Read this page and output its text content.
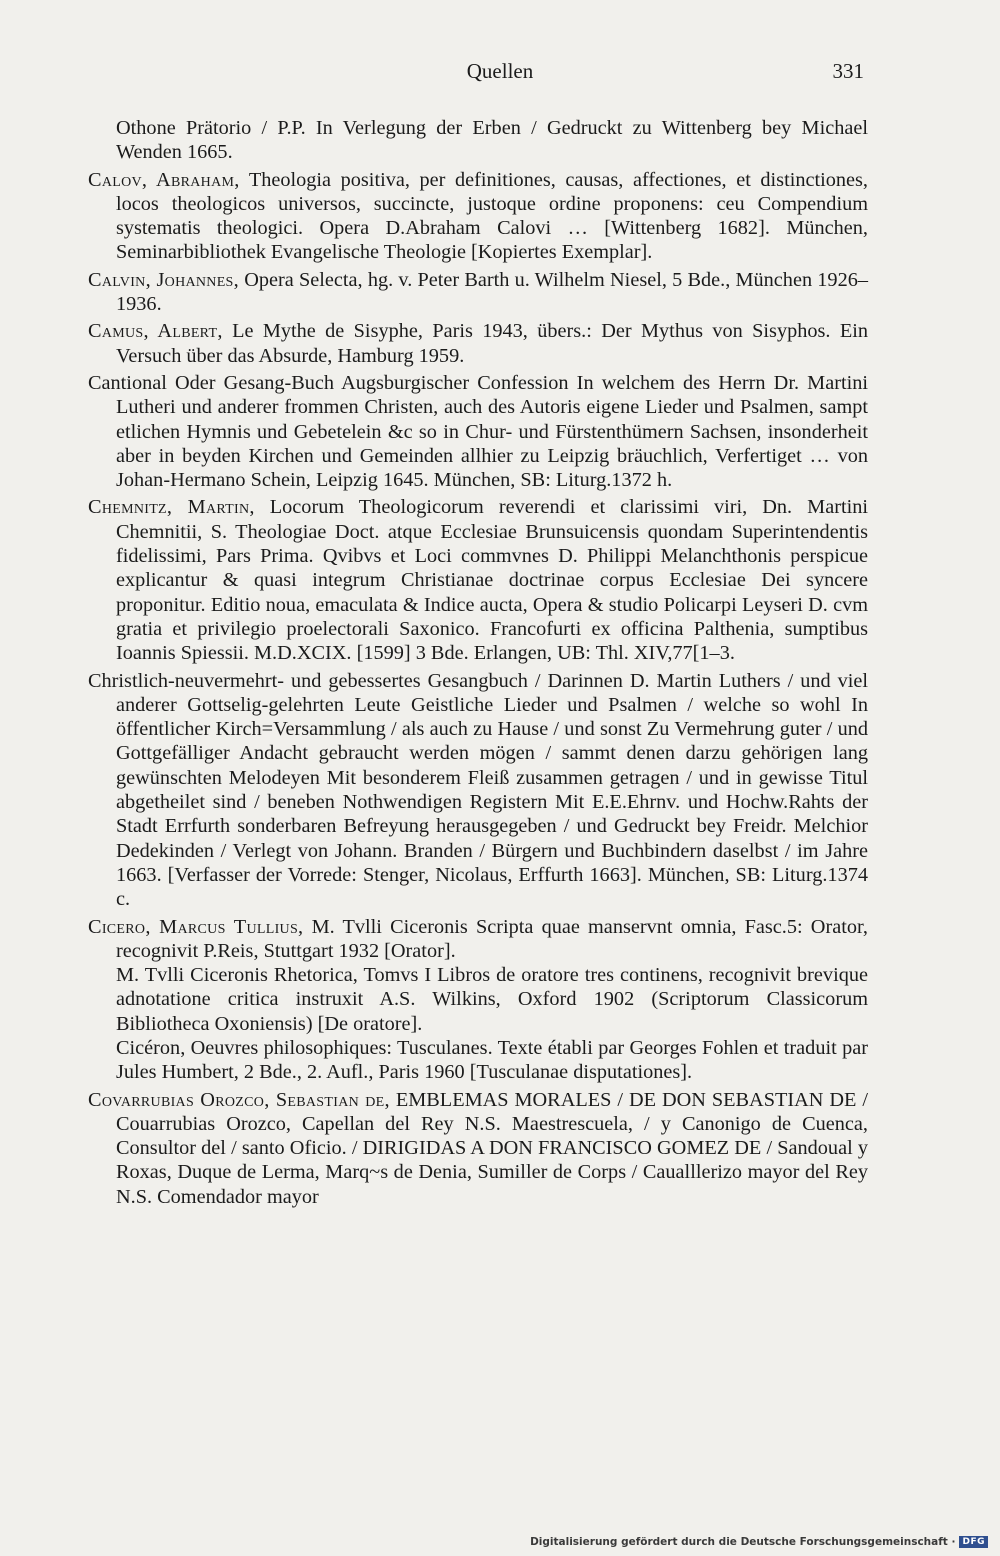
Quellen	331

Othone Prätorio / P.P. In Verlegung der Erben / Gedruckt zu Wittenberg bey Michael Wenden 1665.

Calov, Abraham, Theologia positiva, per definitiones, causas, affectiones, et distinctiones, locos theologicos universos, succincte, justoque ordine proponens: ceu Compendium systematis theologici. Opera D.Abraham Calovi … [Wittenberg 1682]. München, Seminarbibliothek Evangelische Theologie [Kopiertes Exemplar].

Calvin, Johannes, Opera Selecta, hg. v. Peter Barth u. Wilhelm Niesel, 5 Bde., München 1926–1936.

Camus, Albert, Le Mythe de Sisyphe, Paris 1943, übers.: Der Mythus von Sisyphos. Ein Versuch über das Absurde, Hamburg 1959.

Cantional Oder Gesang-Buch Augsburgischer Confession In welchem des Herrn Dr. Martini Lutheri und anderer frommen Christen, auch des Autoris eigene Lieder und Psalmen, sampt etlichen Hymnis und Gebetelein &c so in Chur- und Fürstenthümern Sachsen, insonderheit aber in beyden Kirchen und Gemeinden allhier zu Leipzig bräuchlich, Verfertiget … von Johan-Hermano Schein, Leipzig 1645. München, SB: Liturg.1372 h.

Chemnitz, Martin, Locorum Theologicorum reverendi et clarissimi viri, Dn. Martini Chemnitii, S. Theologiae Doct. atque Ecclesiae Brunsuicensis quondam Superintendentis fidelissimi, Pars Prima. Qvibvs et Loci commvnes D. Philippi Melanchthonis perspicue explicantur & quasi integrum Christianae doctrinae corpus Ecclesiae Dei syncere proponitur. Editio noua, emaculata & Indice aucta, Opera & studio Policarpi Leyseri D. cvm gratia et privilegio proelectorali Saxonico. Francofurti ex officina Palthenia, sumptibus Ioannis Spiessii. M.D.XCIX. [1599] 3 Bde. Erlangen, UB: Thl. XIV,77[1–3.

Christlich-neuvermehrt- und gebessertes Gesangbuch / Darinnen D. Martin Luthers / und viel anderer Gottselig-gelehrten Leute Geistliche Lieder und Psalmen / welche so wohl In öffentlicher Kirch=Versammlung / als auch zu Hause / und sonst Zu Vermehrung guter / und Gottgefälliger Andacht gebraucht werden mögen / sammt denen darzu gehörigen lang gewünschten Melodeyen Mit besonderem Fleiß zusammen getragen / und in gewisse Titul abgetheilet sind / beneben Nothwendigen Registern Mit E.E.Ehrnv. und Hochw.Rahts der Stadt Errfurth sonderbaren Befreyung herausgegeben / und Gedruckt bey Freidr. Melchior Dedekinden / Verlegt von Johann. Branden / Bürgern und Buchbindern daselbst / im Jahre 1663. [Verfasser der Vorrede: Stenger, Nicolaus, Erffurth 1663]. München, SB: Liturg.1374 c.

Cicero, Marcus Tullius, M. Tvlli Ciceronis Scripta quae manservnt omnia, Fasc.5: Orator, recognivit P.Reis, Stuttgart 1932 [Orator].

M. Tvlli Ciceronis Rhetorica, Tomvs I Libros de oratore tres continens, recognivit brevique adnotatione critica instruxit A.S. Wilkins, Oxford 1902 (Scriptorum Classicorum Bibliotheca Oxoniensis) [De oratore].

Cicéron, Oeuvres philosophiques: Tusculanes. Texte établi par Georges Fohlen et traduit par Jules Humbert, 2 Bde., 2. Aufl., Paris 1960 [Tusculanae disputationes].

Covarrubias Orozco, Sebastian de, EMBLEMAS MORALES / DE DON SEBASTIAN DE / Couarrubias Orozco, Capellan del Rey N.S. Maestrescuela, / y Canonigo de Cuenca, Consultor del / santo Oficio. / DIRIGIDAS A DON FRANCISCO GOMEZ DE / Sandoual y Roxas, Duque de Lerma, Marq~s de Denia, Sumiller de Corps / Caualllerizo mayor del Rey N.S. Comendador mayor

Digitalisierung gefördert durch die Deutsche Forschungsgemeinschaft · DFG
